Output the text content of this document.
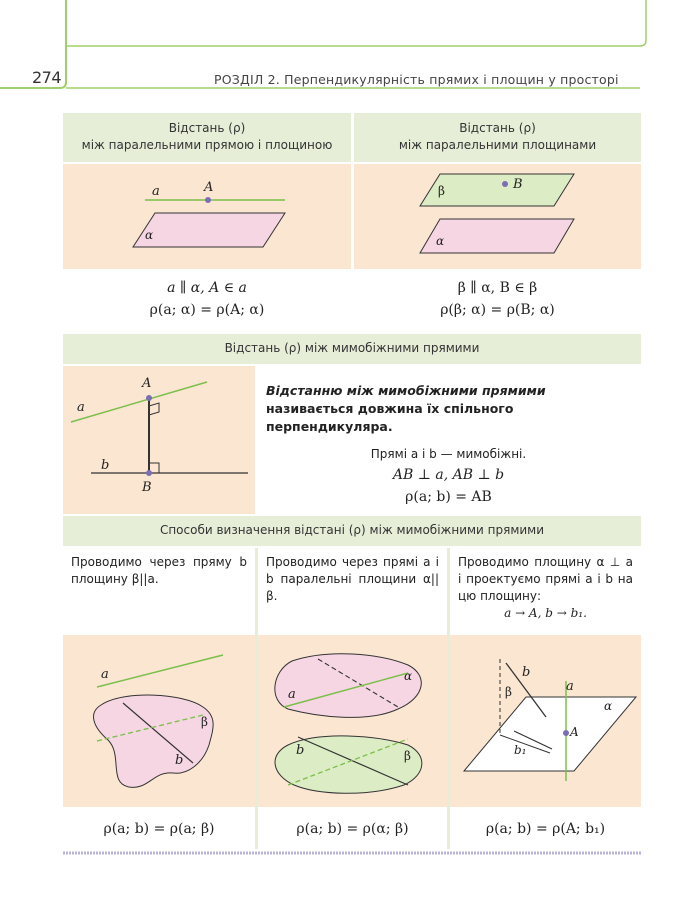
274	РОЗДІЛ 2. Перпендикулярність прямих і площин у просторі
Відстань (ρ)
між паралельними прямою і площиною
Відстань (ρ)
між паралельними площинами
a	A
α
β	B
α
a ∥ α, A ∈ a
ρ(a; α) = ρ(A; α)
β ∥ α, B ∈ β
ρ(β; α) = ρ(B; α)
Відстань (ρ) між мимобіжними прямими
a
A
b
B
Відстанню між мимобіжними прямими називається довжина їх спільного перпендикуляра.
Прямі a і b — мимобіжні.
AB ⊥ a, AB ⊥ b
ρ(a; b) = AB
Способи визначення відстані (ρ) між мимобіжними прямими
Проводимо через пряму b площину β||a.
Проводимо через прямі a і b паралельні площини α||β.
Проводимо площину α ⊥ a і проектуємо прямі a і b на цю площину:
a → A, b → b₁.
a
β
b
a
α
b	β
b
a
β
α
A
b₁
ρ(a; b) = ρ(a; β)	ρ(a; b) = ρ(α; β)	ρ(a; b) = ρ(A; b₁)
